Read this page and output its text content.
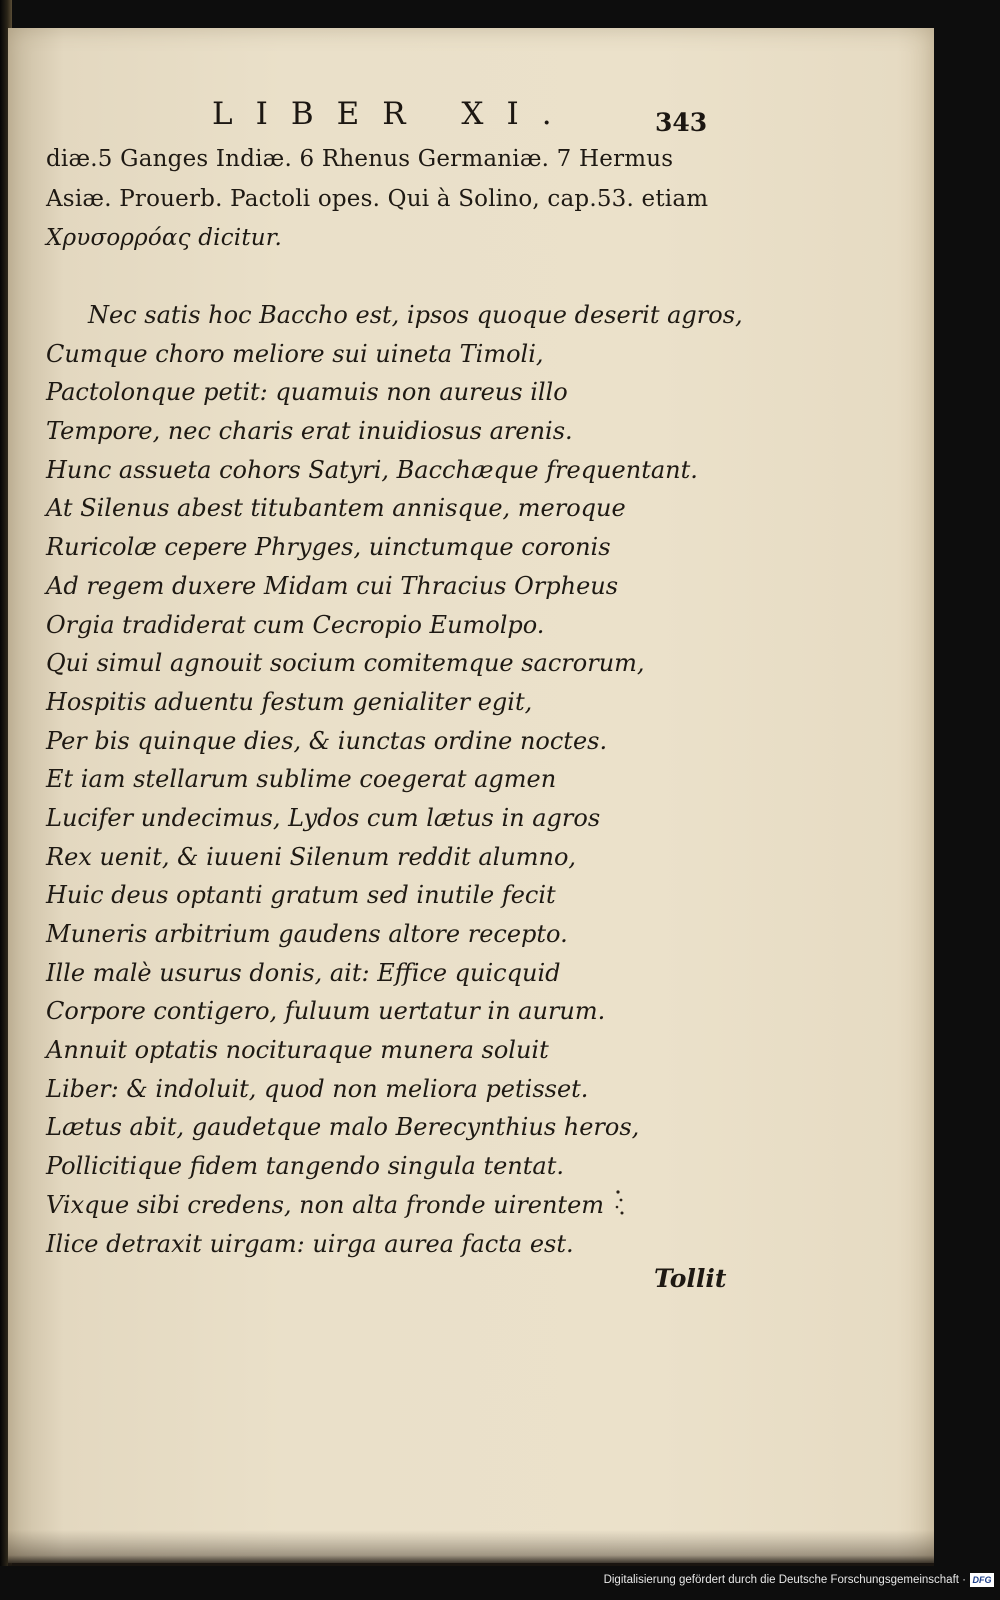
LIBER XI.	343
diæ.5 Ganges Indiæ. 6 Rhenus Germaniæ. 7 Hermus
Asiæ. Prouerb. Pactoli opes. Qui à Solino, cap.53. etiam
Χρυσορρόας dicitur.
Nec satis hoc Baccho est, ipsos quoque deserit agros,
Cumque choro meliore sui uineta Timoli,
Pactolonque petit: quamuis non aureus illo
Tempore, nec charis erat inuidiosus arenis.
Hunc assueta cohors Satyri, Bacchæque frequentant.
At Silenus abest titubantem annisque, meroque
Ruricolæ cepere Phryges, uinctumque coronis
Ad regem duxere Midam cui Thracius Orpheus
Orgia tradiderat cum Cecropio Eumolpo.
Qui simul agnouit socium comitemque sacrorum,
Hospitis aduentu festum genialiter egit,
Per bis quinque dies, & iunctas ordine noctes.
Et iam stellarum sublime coegerat agmen
Lucifer undecimus, Lydos cum lætus in agros
Rex uenit, & iuueni Silenum reddit alumno,
Huic deus optanti gratum sed inutile fecit
Muneris arbitrium gaudens altore recepto.
Ille malè usurus donis, ait: Effice quicquid
Corpore contigero, fuluum uertatur in aurum.
Annuit optatis nocituraque munera soluit
Liber: & indoluit, quod non meliora petisset.
Lætus abit, gaudetque malo Berecynthius heros,
Pollicitique fidem tangendo singula tentat.
Vixque sibi credens, non alta fronde uirentem
Ilice detraxit uirgam: uirga aurea facta est.
Tollit
Digitalisierung gefördert durch die Deutsche Forschungsgemeinschaft · DFG
